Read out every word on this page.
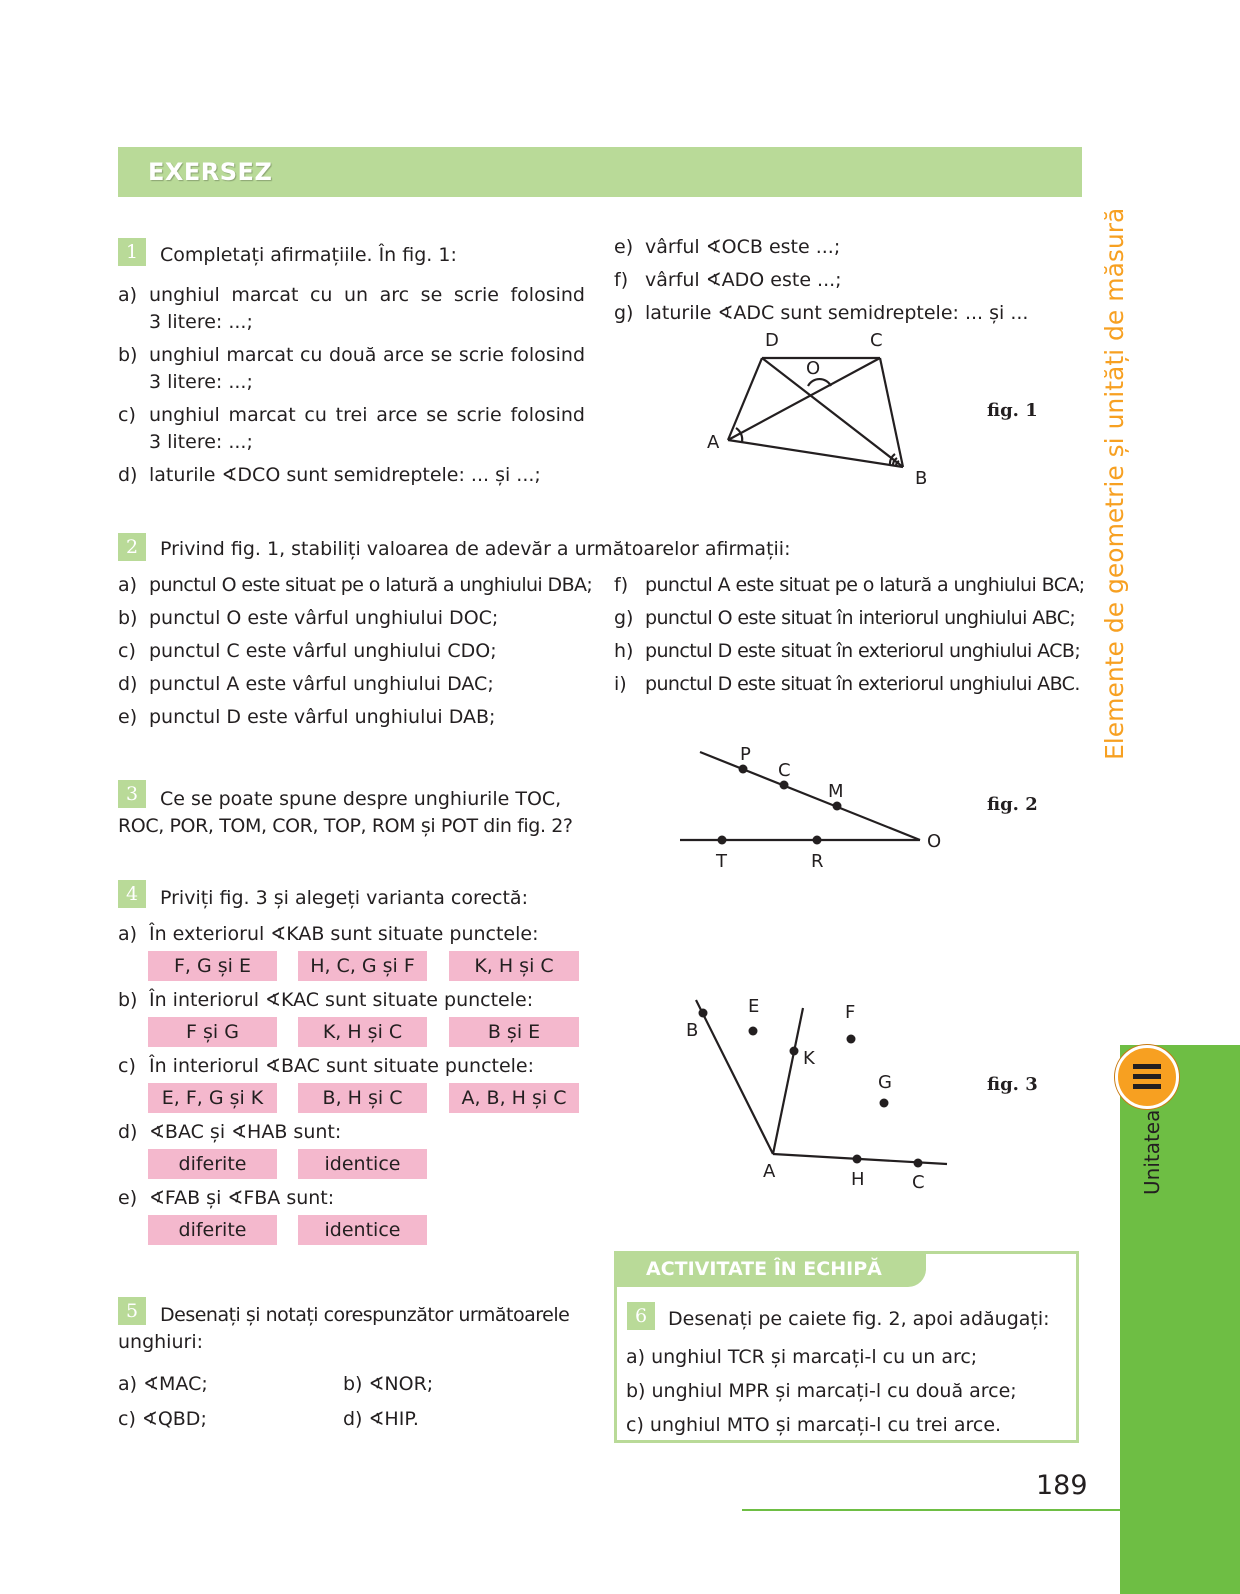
EXERSEZ
1	Completați afirmațiile. În fig. 1:
a) unghiul marcat cu un arc se scrie folosind
3 litere: ...;
b) unghiul marcat cu două arce se scrie folosind
3 litere: ...;
c) unghiul marcat cu trei arce se scrie folosind
3 litere: ...;
d) laturile ∢DCO sunt semidreptele: ... și ...;
e) vârful ∢OCB este ...;
f) vârful ∢ADO este ...;
g) laturile ∢ADC sunt semidreptele: ... și ...
D	C
O
A
B
fig. 1
2	Privind fig. 1, stabiliți valoarea de adevăr a următoarelor afirmații:
a) punctul O este situat pe o latură a unghiului DBA;
b) punctul O este vârful unghiului DOC;
c) punctul C este vârful unghiului CDO;
d) punctul A este vârful unghiului DAC;
e) punctul D este vârful unghiului DAB;
f) punctul A este situat pe o latură a unghiului BCA;
g) punctul O este situat în interiorul unghiului ABC;
h) punctul D este situat în exteriorul unghiului ACB;
i) punctul D este situat în exteriorul unghiului ABC.
3	Ce se poate spune despre unghiurile TOC,
ROC, POR, TOM, COR, TOP, ROM și POT din fig. 2?
P
C
M
O
T	R
fig. 2
4	Priviți fig. 3 și alegeți varianta corectă:
a) În exteriorul ∢KAB sunt situate punctele:
F, G și E	H, C, G și F	K, H și C
b) În interiorul ∢KAC sunt situate punctele:
F și G	K, H și C	B și E
c) În interiorul ∢BAC sunt situate punctele:
E, F, G și K	B, H și C	A, B, H și C
d) ∢BAC și ∢HAB sunt:
diferite	identice
e) ∢FAB și ∢FBA sunt:
diferite	identice
B
E	F
K
G
A	H	C
fig. 3
5	Desenați și notați corespunzător următoarele
unghiuri:
a) ∢MAC;	b) ∢NOR;
c) ∢QBD;	d) ∢HIP.
ACTIVITATE ÎN ECHIPĂ
6	Desenați pe caiete fig. 2, apoi adăugați:
a) unghiul TCR și marcați-l cu un arc;
b) unghiul MPR și marcați-l cu două arce;
c) unghiul MTO și marcați-l cu trei arce.
Elemente de geometrie și unități de măsură
Unitatea
189
